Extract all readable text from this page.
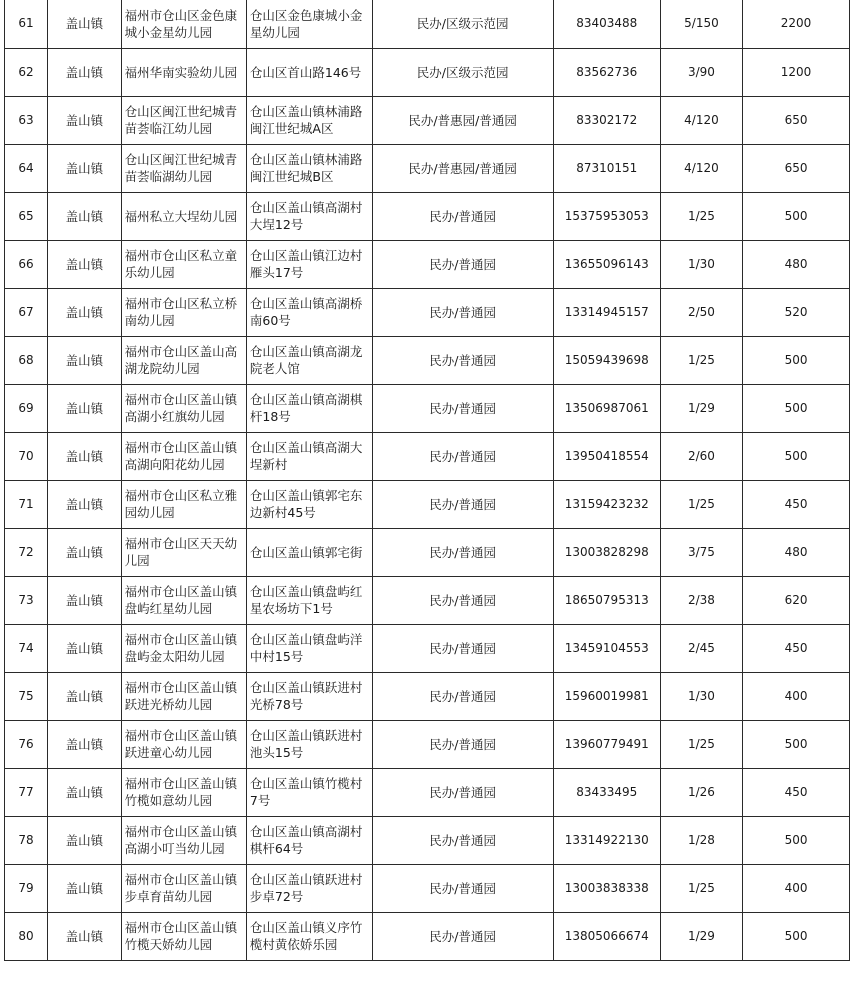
61	盖山镇	福州市仓山区金色康城小金星幼儿园	仓山区金色康城小金星幼儿园	民办/区级示范园	83403488	5/150	2200
62	盖山镇	福州华南实验幼儿园	仓山区首山路146号	民办/区级示范园	83562736	3/90	1200
63	盖山镇	仓山区闽江世纪城青苗荟临江幼儿园	仓山区盖山镇林浦路闽江世纪城A区	民办/普惠园/普通园	83302172	4/120	650
64	盖山镇	仓山区闽江世纪城青苗荟临湖幼儿园	仓山区盖山镇林浦路闽江世纪城B区	民办/普惠园/普通园	87310151	4/120	650
65	盖山镇	福州私立大埕幼儿园	仓山区盖山镇高湖村大埕12号	民办/普通园	15375953053	1/25	500
66	盖山镇	福州市仓山区私立童乐幼儿园	仓山区盖山镇江边村雁头17号	民办/普通园	13655096143	1/30	480
67	盖山镇	福州市仓山区私立桥南幼儿园	仓山区盖山镇高湖桥南60号	民办/普通园	13314945157	2/50	520
68	盖山镇	福州市仓山区盖山高湖龙院幼儿园	仓山区盖山镇高湖龙院老人馆	民办/普通园	15059439698	1/25	500
69	盖山镇	福州市仓山区盖山镇高湖小红旗幼儿园	仓山区盖山镇高湖棋杆18号	民办/普通园	13506987061	1/29	500
70	盖山镇	福州市仓山区盖山镇高湖向阳花幼儿园	仓山区盖山镇高湖大埕新村	民办/普通园	13950418554	2/60	500
71	盖山镇	福州市仓山区私立雅园幼儿园	仓山区盖山镇郭宅东边新村45号	民办/普通园	13159423232	1/25	450
72	盖山镇	福州市仓山区天天幼儿园	仓山区盖山镇郭宅街	民办/普通园	13003828298	3/75	480
73	盖山镇	福州市仓山区盖山镇盘屿红星幼儿园	仓山区盖山镇盘屿红星农场坊下1号	民办/普通园	18650795313	2/38	620
74	盖山镇	福州市仓山区盖山镇盘屿金太阳幼儿园	仓山区盖山镇盘屿洋中村15号	民办/普通园	13459104553	2/45	450
75	盖山镇	福州市仓山区盖山镇跃进光桥幼儿园	仓山区盖山镇跃进村光桥78号	民办/普通园	15960019981	1/30	400
76	盖山镇	福州市仓山区盖山镇跃进童心幼儿园	仓山区盖山镇跃进村池头15号	民办/普通园	13960779491	1/25	500
77	盖山镇	福州市仓山区盖山镇竹榄如意幼儿园	仓山区盖山镇竹榄村7号	民办/普通园	83433495	1/26	450
78	盖山镇	福州市仓山区盖山镇高湖小叮当幼儿园	仓山区盖山镇高湖村棋杆64号	民办/普通园	13314922130	1/28	500
79	盖山镇	福州市仓山区盖山镇步卓育苗幼儿园	仓山区盖山镇跃进村步卓72号	民办/普通园	13003838338	1/25	400
80	盖山镇	福州市仓山区盖山镇竹榄天娇幼儿园	仓山区盖山镇义序竹榄村黄依娇乐园	民办/普通园	13805066674	1/29	500
